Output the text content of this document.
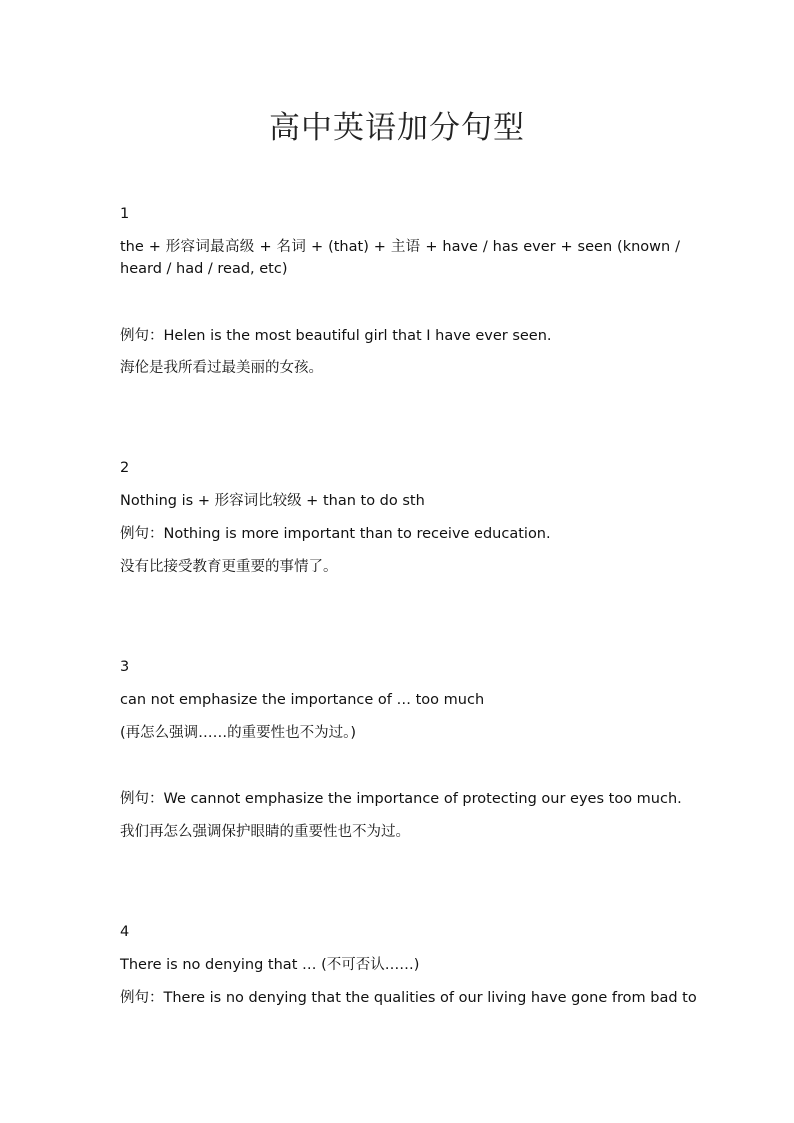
高中英语加分句型
1
the + 形容词最高级 + 名词 + (that) + 主语 + have / has ever + seen (known / heard / had / read, etc)
例句：Helen is the most beautiful girl that I have ever seen.
海伦是我所看过最美丽的女孩。
2
Nothing is + 形容词比较级 + than to do sth
例句：Nothing is more important than to receive education.
没有比接受教育更重要的事情了。
3
can not emphasize the importance of … too much
(再怎么强调……的重要性也不为过。)
例句：We cannot emphasize the importance of protecting our eyes too much.
我们再怎么强调保护眼睛的重要性也不为过。
4
There is no denying that … (不可否认……)
例句：There is no denying that the qualities of our living have gone from bad to
